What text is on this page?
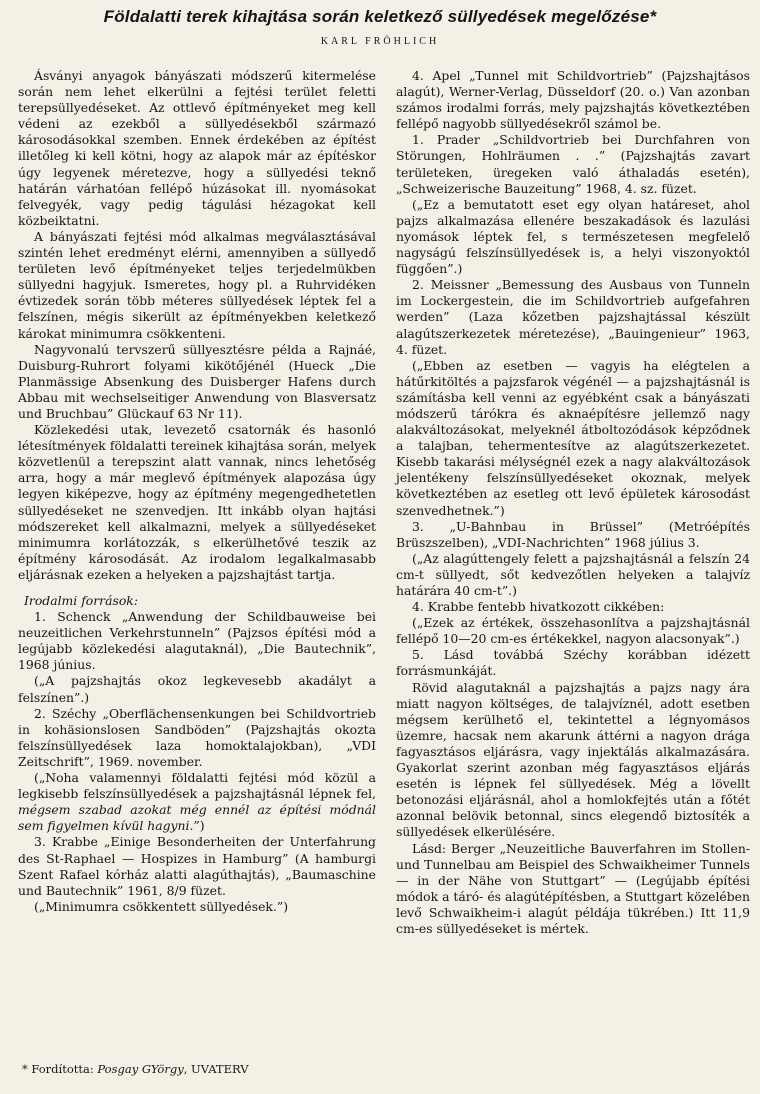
Földalatti terek kihajtása során keletkező süllyedések megelőzése*
KARL FRÖHLICH

Ásványi anyagok bányászati módszerű kitermelése során nem lehet elkerülni a fejtési terület feletti terepsüllyedéseket. Az ottlevő építményeket meg kell védeni az ezekből a süllyedésekből származó károsodásokkal szemben. Ennek érdekében az építést illetőleg ki kell kötni, hogy az alapok már az építéskor úgy legyenek méretezve, hogy a süllyedési teknő határán várhatóan fellépő húzásokat ill. nyomásokat felvegyék, vagy pedig tágulási hézagokat kell közbeiktatni.

A bányászati fejtési mód alkalmas megválasztásával szintén lehet eredményt elérni, amennyiben a süllyedő területen levő építményeket teljes terjedelmükben süllyedni hagyjuk. Ismeretes, hogy pl. a Ruhrvidéken évtizedek során több méteres süllyedések léptek fel a felszínen, mégis sikerült az építményekben keletkező károkat minimumra csökkenteni.

Nagyvonalú tervszerű süllyesztésre példa a Rajnáé, Duisburg-Ruhrort folyami kikötőjénél (Hueck „Die Planmässige Absenkung des Duisberger Hafens durch Abbau mit wechselseitiger Anwendung von Blasversatz und Bruchbau” Glückauf 63 Nr 11).

Közlekedési utak, levezető csatornák és hasonló létesítmények földalatti tereinek kihajtása során, melyek közvetlenül a terepszint alatt vannak, nincs lehetőség arra, hogy a már meglevő építmények alapozása úgy legyen kiképezve, hogy az építmény megengedhetetlen süllyedéseket ne szenvedjen. Itt inkább olyan hajtási módszereket kell alkalmazni, melyek a süllyedéseket minimumra korlátozzák, s elkerülhetővé teszik az építmény károsodását. Az irodalom legalkalmasabb eljárásnak ezeken a helyeken a pajzshajtást tartja.

Irodalmi források:

1. Schenck „Anwendung der Schildbauweise bei neuzeitlichen Verkehrstunneln” (Pajzsos építési mód a legújabb közlekedési alagutaknál), „Die Bautechnik”, 1968 június.

(„A pajzshajtás okoz legkevesebb akadályt a felszínen”.)

2. Széchy „Oberflächensenkungen bei Schildvortrieb in kohäsionslosen Sandböden” (Pajzshajtás okozta felszínsüllyedések laza homoktalajokban), „VDI Zeitschrift”, 1969. november.

(„Noha valamennyi földalatti fejtési mód közül a legkisebb felszínsüllyedések a pajzshajtásnál lépnek fel, mégsem szabad azokat még ennél az építési módnál sem figyelmen kívül hagyni.”)

3. Krabbe „Einige Besonderheiten der Unterfahrung des St-Raphael — Hospizes in Hamburg” (A hamburgi Szent Rafael kórház alatti alagúthajtás), „Baumaschine und Bautechnik” 1961, 8/9 füzet.

(„Minimumra csökkentett süllyedések.”)

4. Apel „Tunnel mit Schildvortrieb” (Pajzshajtásos alagút), Werner-Verlag, Düsseldorf (20. o.) Van azonban számos irodalmi forrás, mely pajzshajtás következtében fellépő nagyobb süllyedésekről számol be.

1. Prader „Schildvortrieb bei Durchfahren von Störungen, Hohlräumen . .” (Pajzshajtás zavart területeken, üregeken való áthaladás esetén), „Schweizerische Bauzeitung” 1968, 4. sz. füzet.

(„Ez a bemutatott eset egy olyan határeset, ahol pajzs alkalmazása ellenére beszakadások és lazulási nyomások léptek fel, s természetesen megfelelő nagyságú felszínsüllyedések is, a helyi viszonyoktól függően”.)

2. Meissner „Bemessung des Ausbaus von Tunneln im Lockergestein, die im Schildvortrieb aufgefahren werden” (Laza kőzetben pajzshajtással készült alagútszerkezetek méretezése), „Bauingenieur” 1963, 4. füzet.

(„Ebben az esetben — vagyis ha elégtelen a hátűrkitöltés a pajzsfarok végénél — a pajzshajtásnál is számításba kell venni az egyébként csak a bányászati módszerű tárókra és aknaépítésre jellemző nagy alakváltozásokat, melyeknél átboltozódások képződnek a talajban, tehermentesítve az alagútszerkezetet. Kisebb takarási mélységnél ezek a nagy alakváltozások jelentékeny felszínsüllyedéseket okoznak, melyek következtében az esetleg ott levő épületek károsodást szenvedhetnek.”)

3. „U-Bahnbau in Brüssel” (Metróépítés Brüszszelben), „VDI-Nachrichten” 1968 július 3.

(„Az alagúttengely felett a pajzshajtásnál a felszín 24 cm-t süllyedt, sőt kedvezőtlen helyeken a talajvíz határára 40 cm-t”.)

4. Krabbe fentebb hivatkozott cikkében:

(„Ezek az értékek, összehasonlítva a pajzshajtásnál fellépő 10—20 cm-es értékekkel, nagyon alacsonyak”.)

5. Lásd továbbá Széchy korábban idézett forrásmunkáját.

Rövid alagutaknál a pajzshajtás a pajzs nagy ára miatt nagyon költséges, de talajvíznél, adott esetben mégsem kerülhető el, tekintettel a légnyomásos üzemre, hacsak nem akarunk áttérni a nagyon drága fagyasztásos eljárásra, vagy injektálás alkalmazására. Gyakorlat szerint azonban még fagyasztásos eljárás esetén is lépnek fel süllyedések. Még a lövellt betonozási eljárásnál, ahol a homlokfejtés után a főtét azonnal belövik betonnal, sincs elegendő biztosíték a süllyedések elkerülésére.

Lásd: Berger „Neuzeitliche Bauverfahren im Stollen- und Tunnelbau am Beispiel des Schwaikheimer Tunnels — in der Nähe von Stuttgart” — (Legújabb építési módok a táró- és alagútépítésben, a Stuttgart közelében levő Schwaikheim-i alagút példája tükrében.) Itt 11,9 cm-es süllyedéseket is mértek.

* Fordította: Posgay GYörgy, UVATERV
